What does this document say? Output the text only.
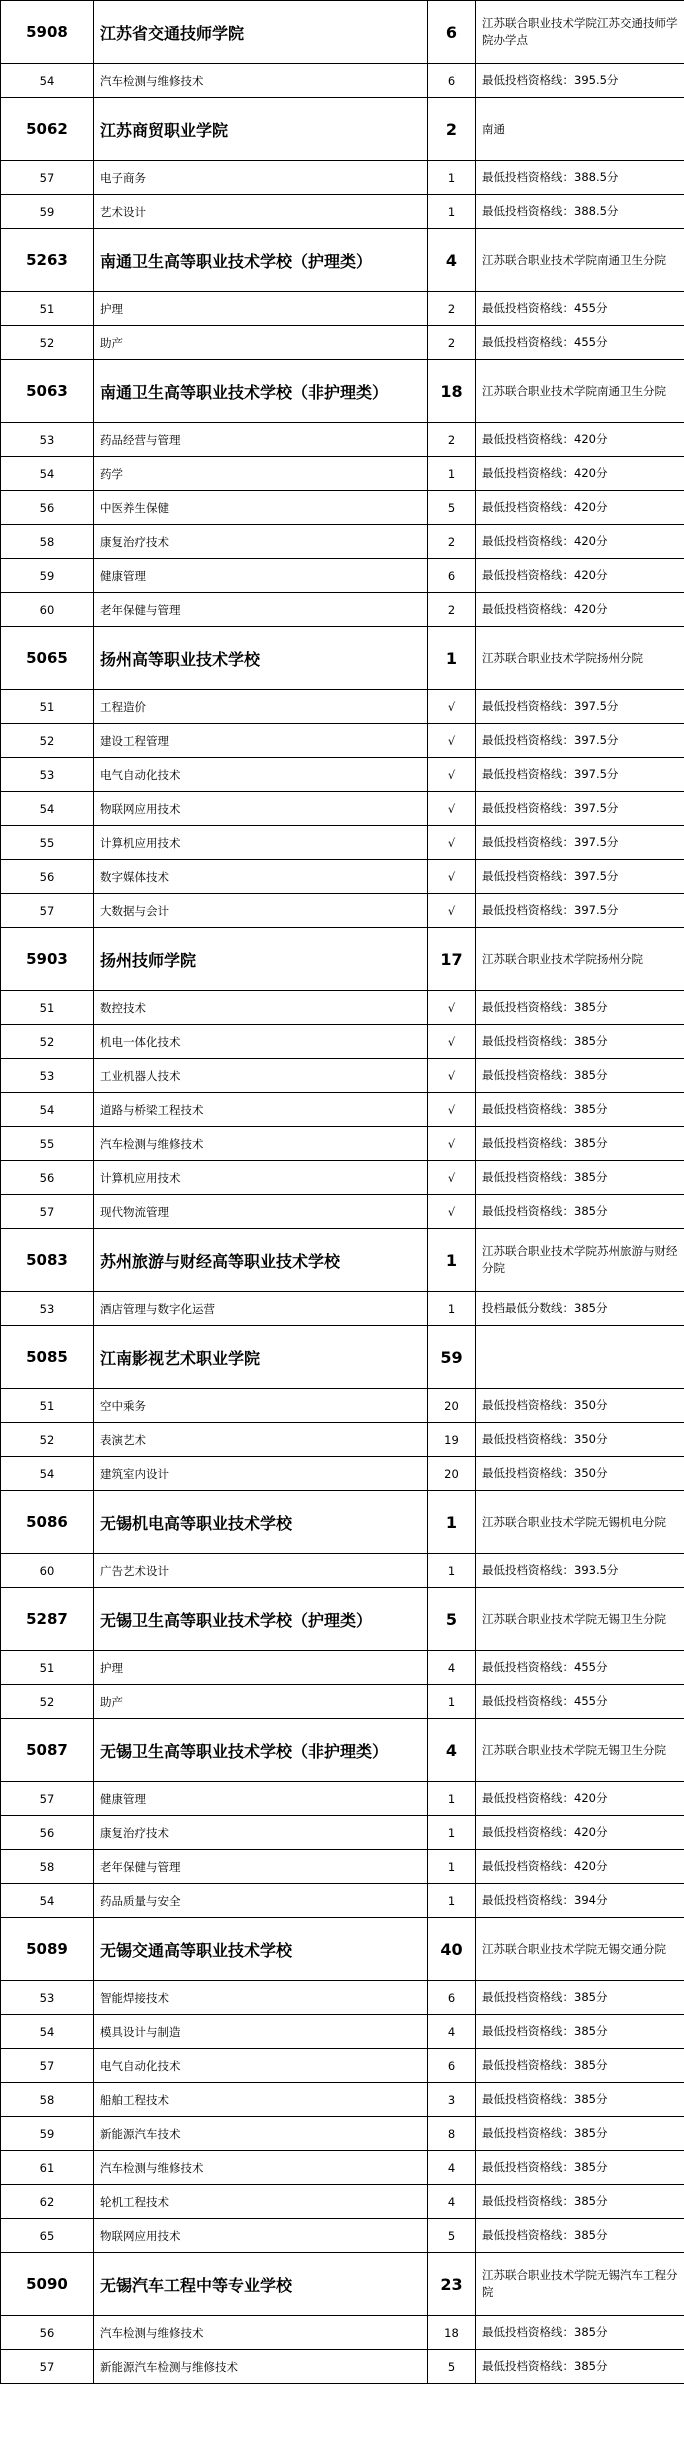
5908	江苏省交通技师学院	6	江苏联合职业技术学院江苏交通技师学院办学点
54	汽车检测与维修技术	6	最低投档资格线：395.5分
5062	江苏商贸职业学院	2	南通
57	电子商务	1	最低投档资格线：388.5分
59	艺术设计	1	最低投档资格线：388.5分
5263	南通卫生高等职业技术学校（护理类）	4	江苏联合职业技术学院南通卫生分院
51	护理	2	最低投档资格线：455分
52	助产	2	最低投档资格线：455分
5063	南通卫生高等职业技术学校（非护理类）	18	江苏联合职业技术学院南通卫生分院
53	药品经营与管理	2	最低投档资格线：420分
54	药学	1	最低投档资格线：420分
56	中医养生保健	5	最低投档资格线：420分
58	康复治疗技术	2	最低投档资格线：420分
59	健康管理	6	最低投档资格线：420分
60	老年保健与管理	2	最低投档资格线：420分
5065	扬州高等职业技术学校	1	江苏联合职业技术学院扬州分院
51	工程造价	√	最低投档资格线：397.5分
52	建设工程管理	√	最低投档资格线：397.5分
53	电气自动化技术	√	最低投档资格线：397.5分
54	物联网应用技术	√	最低投档资格线：397.5分
55	计算机应用技术	√	最低投档资格线：397.5分
56	数字媒体技术	√	最低投档资格线：397.5分
57	大数据与会计	√	最低投档资格线：397.5分
5903	扬州技师学院	17	江苏联合职业技术学院扬州分院
51	数控技术	√	最低投档资格线：385分
52	机电一体化技术	√	最低投档资格线：385分
53	工业机器人技术	√	最低投档资格线：385分
54	道路与桥梁工程技术	√	最低投档资格线：385分
55	汽车检测与维修技术	√	最低投档资格线：385分
56	计算机应用技术	√	最低投档资格线：385分
57	现代物流管理	√	最低投档资格线：385分
5083	苏州旅游与财经高等职业技术学校	1	江苏联合职业技术学院苏州旅游与财经分院
53	酒店管理与数字化运营	1	投档最低分数线：385分
5085	江南影视艺术职业学院	59	
51	空中乘务	20	最低投档资格线：350分
52	表演艺术	19	最低投档资格线：350分
54	建筑室内设计	20	最低投档资格线：350分
5086	无锡机电高等职业技术学校	1	江苏联合职业技术学院无锡机电分院
60	广告艺术设计	1	最低投档资格线：393.5分
5287	无锡卫生高等职业技术学校（护理类）	5	江苏联合职业技术学院无锡卫生分院
51	护理	4	最低投档资格线：455分
52	助产	1	最低投档资格线：455分
5087	无锡卫生高等职业技术学校（非护理类）	4	江苏联合职业技术学院无锡卫生分院
57	健康管理	1	最低投档资格线：420分
56	康复治疗技术	1	最低投档资格线：420分
58	老年保健与管理	1	最低投档资格线：420分
54	药品质量与安全	1	最低投档资格线：394分
5089	无锡交通高等职业技术学校	40	江苏联合职业技术学院无锡交通分院
53	智能焊接技术	6	最低投档资格线：385分
54	模具设计与制造	4	最低投档资格线：385分
57	电气自动化技术	6	最低投档资格线：385分
58	船舶工程技术	3	最低投档资格线：385分
59	新能源汽车技术	8	最低投档资格线：385分
61	汽车检测与维修技术	4	最低投档资格线：385分
62	轮机工程技术	4	最低投档资格线：385分
65	物联网应用技术	5	最低投档资格线：385分
5090	无锡汽车工程中等专业学校	23	江苏联合职业技术学院无锡汽车工程分院
56	汽车检测与维修技术	18	最低投档资格线：385分
57	新能源汽车检测与维修技术	5	最低投档资格线：385分
